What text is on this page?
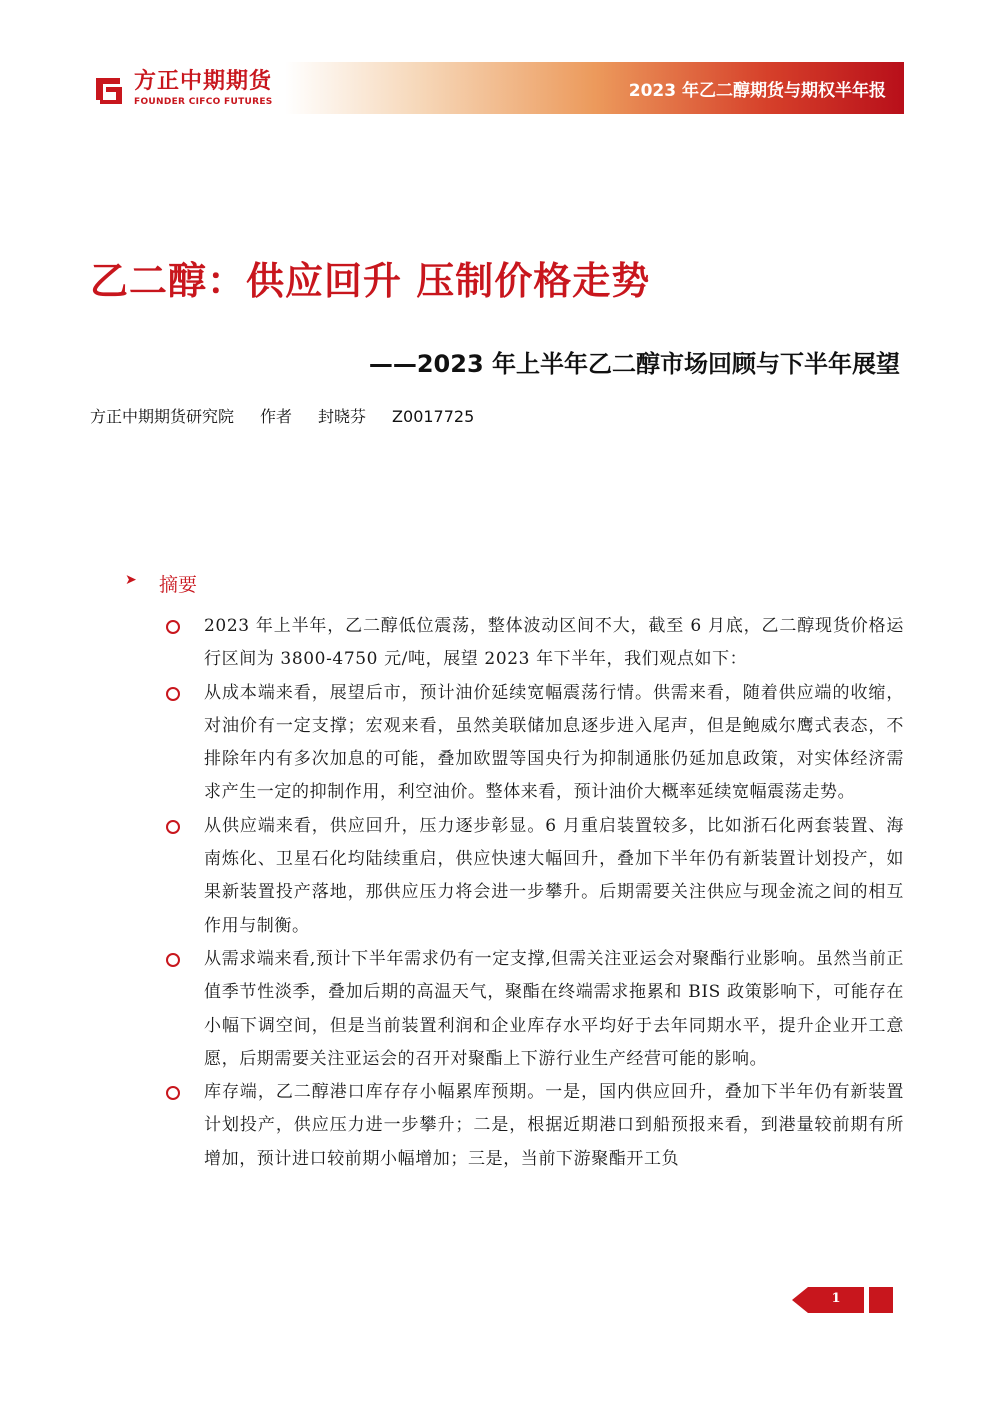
方正中期期货
FOUNDER CIFCO FUTURES
2023 年乙二醇期货与期权半年报
乙二醇：供应回升 压制价格走势
——2023 年上半年乙二醇市场回顾与下半年展望
方正中期期货研究院 作者 封晓芬 Z0017725
➤ 摘要
2023 年上半年，乙二醇低位震荡，整体波动区间不大，截至 6 月底，乙二醇现货价格运行区间为 3800-4750 元/吨，展望 2023 年下半年，我们观点如下：
从成本端来看，展望后市，预计油价延续宽幅震荡行情。供需来看，随着供应端的收缩，对油价有一定支撑；宏观来看，虽然美联储加息逐步进入尾声，但是鲍威尔鹰式表态，不排除年内有多次加息的可能，叠加欧盟等国央行为抑制通胀仍延加息政策，对实体经济需求产生一定的抑制作用，利空油价。整体来看，预计油价大概率延续宽幅震荡走势。
从供应端来看，供应回升，压力逐步彰显。6 月重启装置较多，比如浙石化两套装置、海南炼化、卫星石化均陆续重启，供应快速大幅回升，叠加下半年仍有新装置计划投产，如果新装置投产落地，那供应压力将会进一步攀升。后期需要关注供应与现金流之间的相互作用与制衡。
从需求端来看,预计下半年需求仍有一定支撑,但需关注亚运会对聚酯行业影响。虽然当前正值季节性淡季，叠加后期的高温天气，聚酯在终端需求拖累和 BIS 政策影响下，可能存在小幅下调空间，但是当前装置利润和企业库存水平均好于去年同期水平，提升企业开工意愿，后期需要关注亚运会的召开对聚酯上下游行业生产经营可能的影响。
库存端，乙二醇港口库存存小幅累库预期。一是，国内供应回升，叠加下半年仍有新装置计划投产，供应压力进一步攀升；二是，根据近期港口到船预报来看，到港量较前期有所增加，预计进口较前期小幅增加；三是，当前下游聚酯开工负
1
